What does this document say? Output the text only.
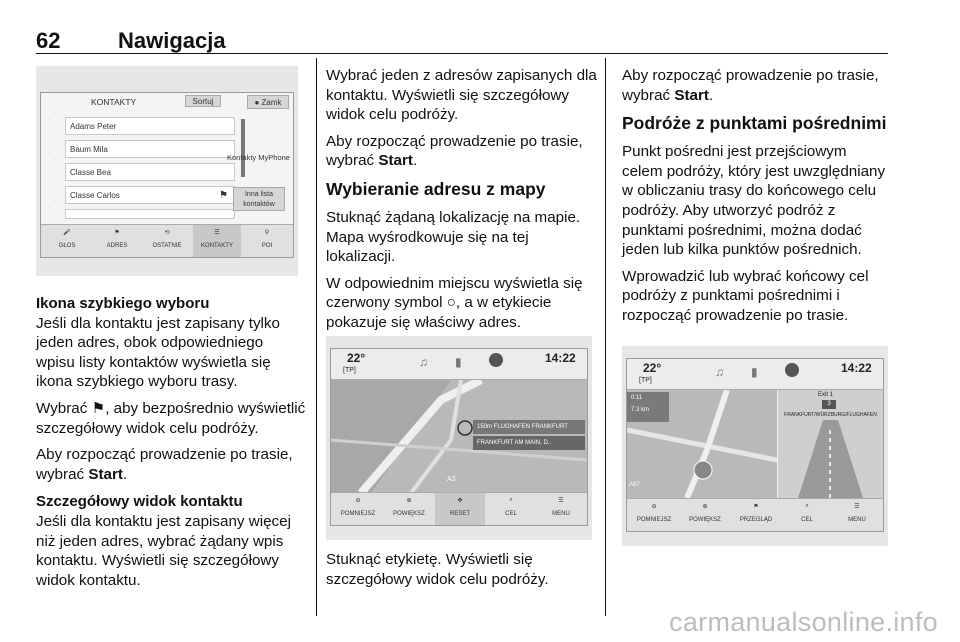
62	Nawigacja
KONTAKTY	Sortuj	● Zamk
·
·
·
·
·
·
·
·
·
Adams Peter
Baum Mila
Classe Bea
Classe Carlos	⚑
Kontakty MyPhone
Inna lista
kontaktów
🎤
GŁOS
⚑
ADRES
⟲
OSTATNIE
☰
KONTAKTY
⚲
POI
Ikona szybkiego wyboru

Jeśli dla kontaktu jest zapisany tylko jeden adres, obok odpowiedniego wpisu listy kontaktów wyświetla się ikona szybkiego wyboru trasy.

Wybrać ⚑, aby bezpośrednio wyświetlić szczegółowy widok celu podróży.

Aby rozpocząć prowadzenie po trasie, wybrać Start.

Szczegółowy widok kontaktu

Jeśli dla kontaktu jest zapisany więcej niż jeden adres, wybrać żądany wpis kontaktu. Wyświetli się szczegółowy widok kontaktu.

Wybrać jeden z adresów zapisanych dla kontaktu. Wyświetli się szczegółowy widok celu podróży.

Aby rozpocząć prowadzenie po trasie, wybrać Start.

Wybieranie adresu z mapy

Stuknąć żądaną lokalizację na mapie. Mapa wyśrodkowuje się na tej lokalizacji.

W odpowiednim miejscu wyświetla się czerwony symbol ○, a w etykiecie pokazuje się właściwy adres.

22°
[TP]
♫ ▮	14:22
150m FLUGHAFEN FRANKFURT
FRANKFURT AM MAIN, D..
A3
⊖
POMNIEJSZ
⊕
POWIĘKSZ
✥
RESET
⌕
CEL
☰
MENU

Stuknąć etykietę. Wyświetli się szczegółowy widok celu podróży.

Aby rozpocząć prowadzenie po trasie, wybrać Start.

Podróże z punktami pośrednimi

Punkt pośredni jest przejściowym celem podróży, który jest uwzględniany w obliczaniu trasy do końcowego celu podróży. Aby utworzyć podróż z punktami pośrednimi, można dodać jeden lub kilka punktów pośrednich.

Wprowadzić lub wybrać końcowy cel podróży z punktami pośrednimi i rozpocząć prowadzenie po trasie.

22°
[TP]
♫ ▮	14:22
0:11
7.3 km
A67
Exit 1
3
FRANKFURT/WÜRZBURG/FLUGHAFEN
⊖
POMNIEJSZ
⊕
POWIĘKSZ
⚑
PRZEGLĄD
⌕
CEL
☰
MENU
carmanualsonline.info
